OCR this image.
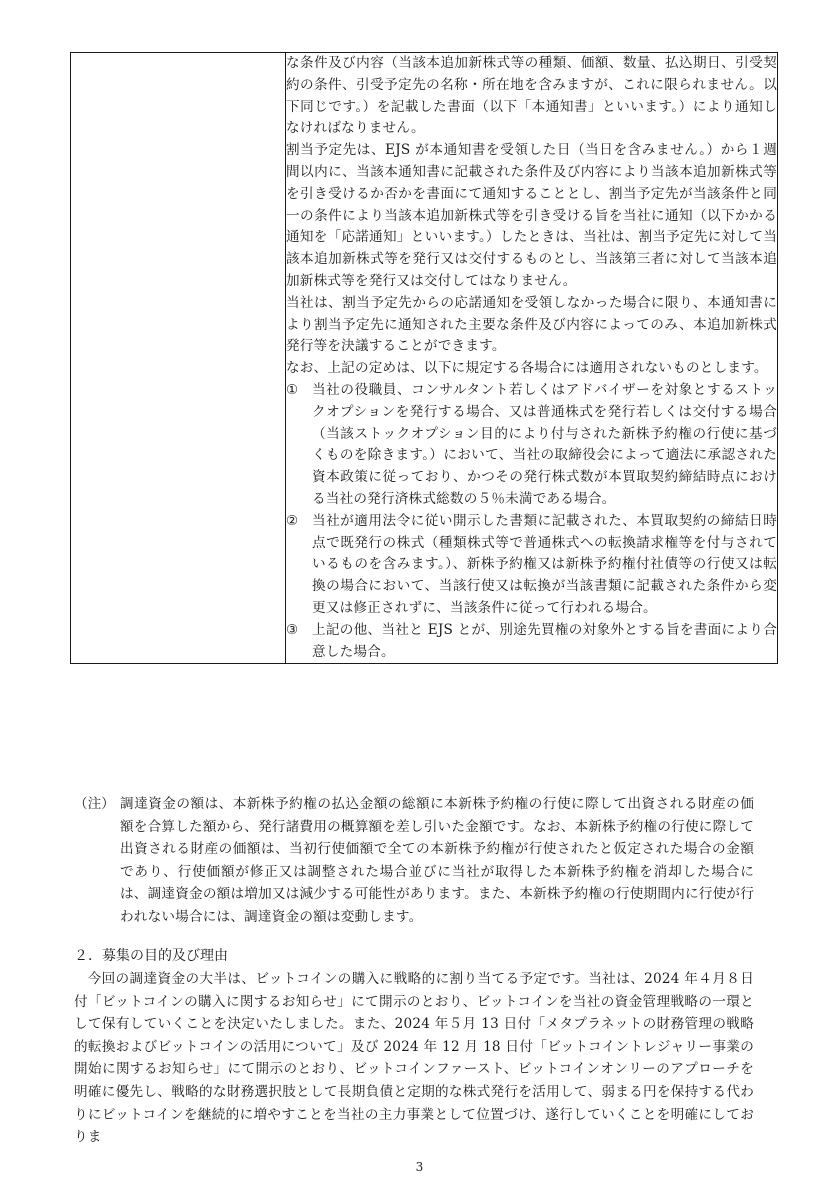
な条件及び内容（当該本追加新株式等の種類、価額、数量、払込期日、引受契約の条件、引受予定先の名称・所在地を含みますが、これに限られません。以下同じです。）を記載した書面（以下「本通知書」といいます。）により通知しなければなりません。

割当予定先は、EJS が本通知書を受領した日（当日を含みません。）から１週間以内に、当該本通知書に記載された条件及び内容により当該本追加新株式等を引き受けるか否かを書面にて通知することとし、割当予定先が当該条件と同一の条件により当該本追加新株式等を引き受ける旨を当社に通知（以下かかる通知を「応諾通知」といいます。）したときは、当社は、割当予定先に対して当該本追加新株式等を発行又は交付するものとし、当該第三者に対して当該本追加新株式等を発行又は交付してはなりません。

当社は、割当予定先からの応諾通知を受領しなかった場合に限り、本通知書により割当予定先に通知された主要な条件及び内容によってのみ、本追加新株式発行等を決議することができます。

なお、上記の定めは、以下に規定する各場合には適用されないものとします。

①	当社の役職員、コンサルタント若しくはアドバイザーを対象とするストックオプションを発行する場合、又は普通株式を発行若しくは交付する場合（当該ストックオプション目的により付与された新株予約権の行使に基づくものを除きます。）において、当社の取締役会によって適法に承認された資本政策に従っており、かつその発行株式数が本買取契約締結時点における当社の発行済株式総数の５％未満である場合。

②	当社が適用法令に従い開示した書類に記載された、本買取契約の締結日時点で既発行の株式（種類株式等で普通株式への転換請求権等を付与されているものを含みます。）、新株予約権又は新株予約権付社債等の行使又は転換の場合において、当該行使又は転換が当該書類に記載された条件から変更又は修正されずに、当該条件に従って行われる場合。

③	上記の他、当社と EJS とが、別途先買権の対象外とする旨を書面により合意した場合。

（注） 調達資金の額は、本新株予約権の払込金額の総額に本新株予約権の行使に際して出資される財産の価額を合算した額から、発行諸費用の概算額を差し引いた金額です。なお、本新株予約権の行使に際して出資される財産の価額は、当初行使価額で全ての本新株予約権が行使されたと仮定された場合の金額であり、行使価額が修正又は調整された場合並びに当社が取得した本新株予約権を消却した場合には、調達資金の額は増加又は減少する可能性があります。また、本新株予約権の行使期間内に行使が行われない場合には、調達資金の額は変動します。

２．募集の目的及び理由

今回の調達資金の大半は、ビットコインの購入に戦略的に割り当てる予定です。当社は、2024 年４月８日付「ビットコインの購入に関するお知らせ」にて開示のとおり、ビットコインを当社の資金管理戦略の一環として保有していくことを決定いたしました。また、2024 年５月 13 日付「メタプラネットの財務管理の戦略的転換およびビットコインの活用について」及び 2024 年 12 月 18 日付「ビットコイントレジャリー事業の開始に関するお知らせ」にて開示のとおり、ビットコインファースト、ビットコインオンリーのアプローチを明確に優先し、戦略的な財務選択肢として長期負債と定期的な株式発行を活用して、弱まる円を保持する代わりにビットコインを継続的に増やすことを当社の主力事業として位置づけ、遂行していくことを明確にしておりま

3
